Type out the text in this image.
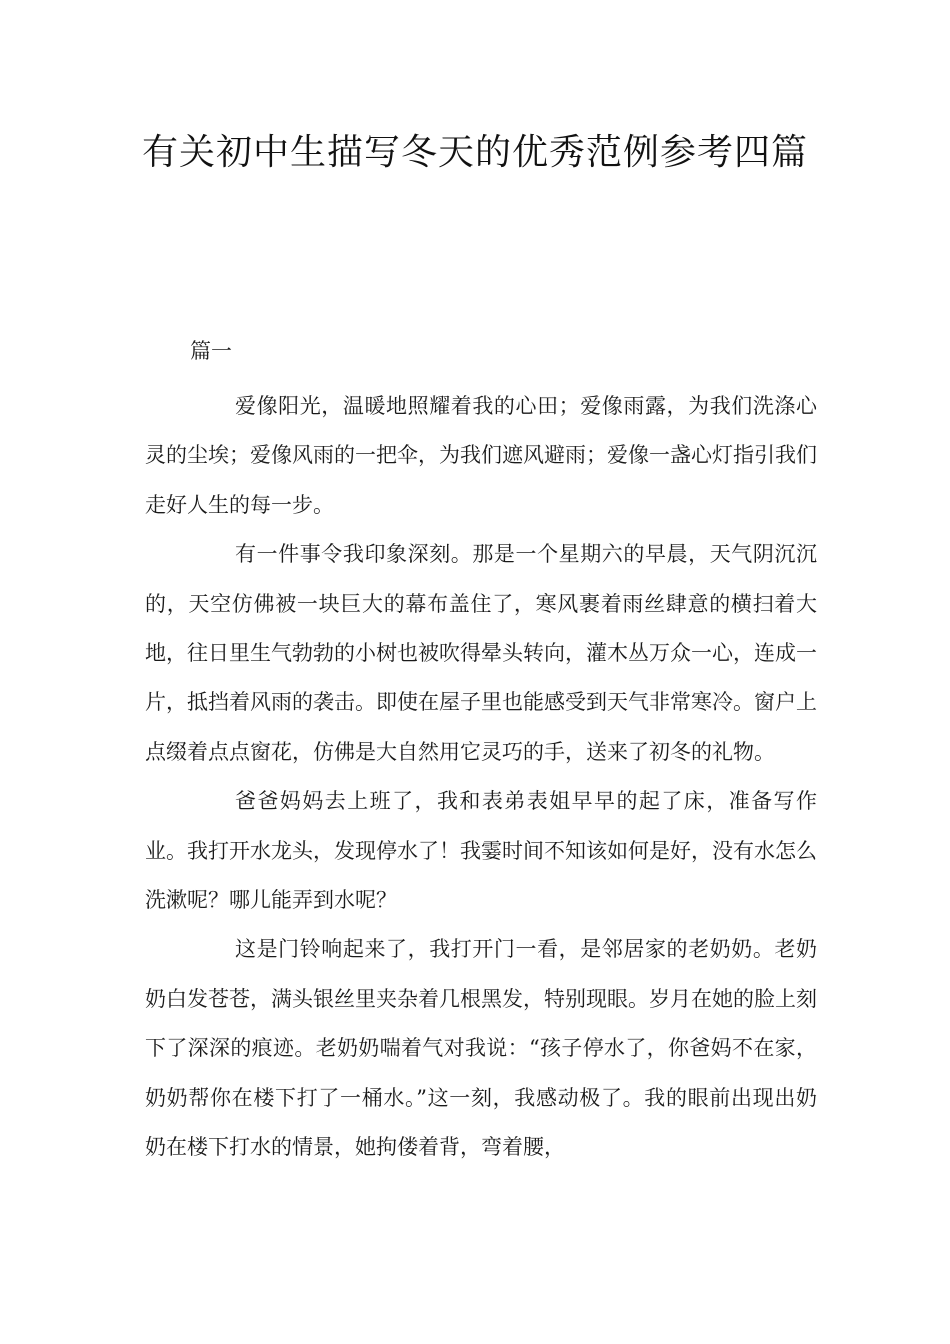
有关初中生描写冬天的优秀范例参考四篇
篇一

爱像阳光，温暖地照耀着我的心田；爱像雨露，为我们洗涤心灵的尘埃；爱像风雨的一把伞，为我们遮风避雨；爱像一盏心灯指引我们走好人生的每一步。

有一件事令我印象深刻。那是一个星期六的早晨，天气阴沉沉的，天空仿佛被一块巨大的幕布盖住了，寒风裹着雨丝肆意的横扫着大地，往日里生气勃勃的小树也被吹得晕头转向，灌木丛万众一心，连成一片，抵挡着风雨的袭击。即使在屋子里也能感受到天气非常寒冷。窗户上点缀着点点窗花，仿佛是大自然用它灵巧的手，送来了初冬的礼物。

爸爸妈妈去上班了，我和表弟表姐早早的起了床，准备写作业。我打开水龙头，发现停水了！我霎时间不知该如何是好，没有水怎么洗漱呢？哪儿能弄到水呢？

这是门铃响起来了，我打开门一看，是邻居家的老奶奶。老奶奶白发苍苍，满头银丝里夹杂着几根黑发，特别现眼。岁月在她的脸上刻下了深深的痕迹。老奶奶喘着气对我说：“孩子停水了，你爸妈不在家，奶奶帮你在楼下打了一桶水。”这一刻，我感动极了。我的眼前出现出奶奶在楼下打水的情景，她拘偻着背，弯着腰，
